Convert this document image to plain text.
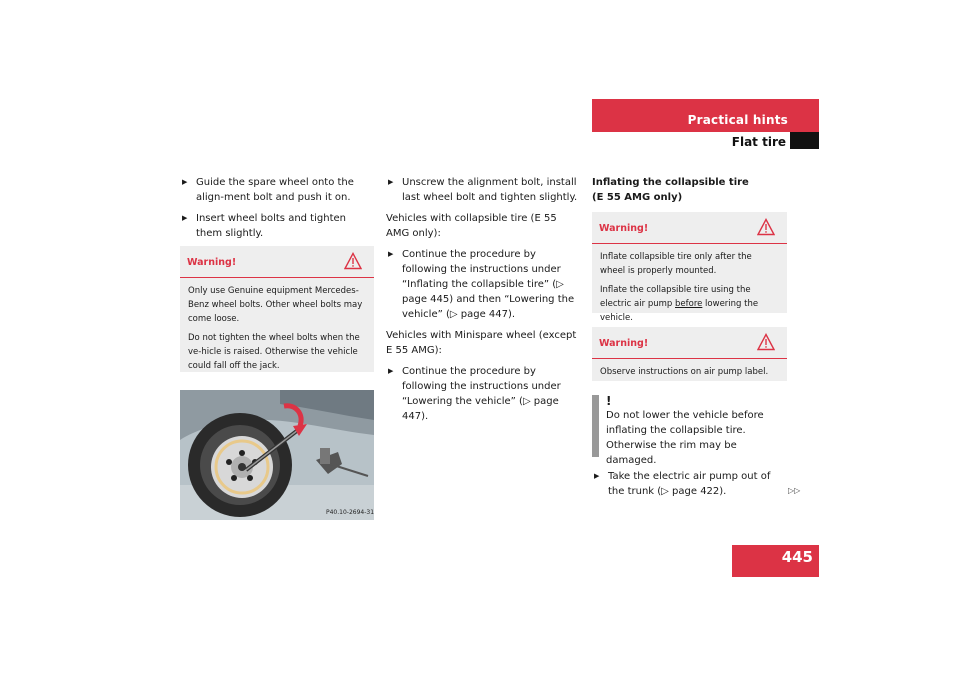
Practical hints
Flat tire
▶ Guide the spare wheel onto the align-ment bolt and push it on.
▶ Insert wheel bolts and tighten them slightly.
Warning!

Only use Genuine equipment Mercedes-Benz wheel bolts. Other wheel bolts may come loose.

Do not tighten the wheel bolts when the ve-hicle is raised. Otherwise the vehicle could fall off the jack.

P40.10-2694-31
▶ Unscrew the alignment bolt, install last wheel bolt and tighten slightly.

Vehicles with collapsible tire (E 55 AMG only):

▶ Continue the procedure by following the instructions under “Inflating the collapsible tire” (▷ page 445) and then “Lowering the vehicle” (▷ page 447).

Vehicles with Minispare wheel (except E 55 AMG):

▶ Continue the procedure by following the instructions under “Lowering the vehicle” (▷ page 447).
Inflating the collapsible tire
(E 55 AMG only)
Warning!

Inflate collapsible tire only after the wheel is properly mounted.

Inflate the collapsible tire using the electric air pump before lowering the vehicle.

Warning!

Observe instructions on air pump label.

!
Do not lower the vehicle before inflating the collapsible tire. Otherwise the rim may be damaged.
▶ Take the electric air pump out of the trunk (▷ page 422).	▷▷
445
